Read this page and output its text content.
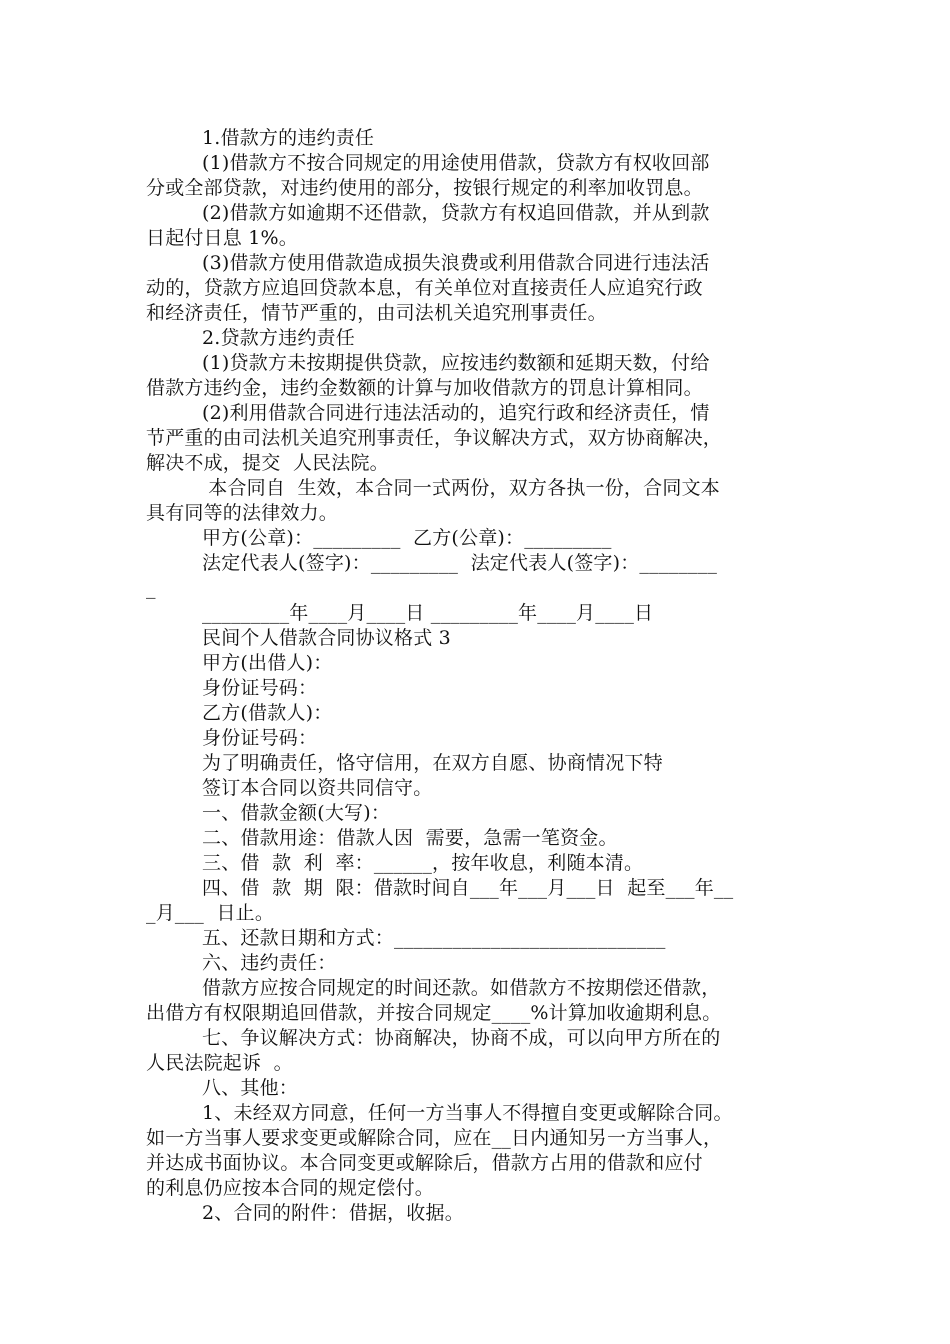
1.借款方的违约责任
(1)借款方不按合同规定的用途使用借款，贷款方有权收回部
分或全部贷款，对违约使用的部分，按银行规定的利率加收罚息。
(2)借款方如逾期不还借款，贷款方有权追回借款，并从到款
日起付日息 1%。
(3)借款方使用借款造成损失浪费或利用借款合同进行违法活
动的，贷款方应追回贷款本息，有关单位对直接责任人应追究行政
和经济责任，情节严重的，由司法机关追究刑事责任。
2.贷款方违约责任
(1)贷款方未按期提供贷款，应按违约数额和延期天数，付给
借款方违约金，违约金数额的计算与加收借款方的罚息计算相同。
(2)利用借款合同进行违法活动的，追究行政和经济责任，情
节严重的由司法机关追究刑事责任，争议解决方式，双方协商解决，
解决不成，提交  人民法院。
本合同自  生效，本合同一式两份，双方各执一份，合同文本
具有同等的法律效力。
甲方(公章)：_________  乙方(公章)：_________
法定代表人(签字)：_________  法定代表人(签字)：________
_
_________年____月____日 _________年____月____日
民间个人借款合同协议格式 3
甲方(出借人)：
身份证号码：
乙方(借款人)：
身份证号码：
为了明确责任，恪守信用，在双方自愿、协商情况下特
签订本合同以资共同信守。
一、借款金额(大写)：
二、借款用途：借款人因  需要，急需一笔资金。
三、借  款  利  率：______，按年收息，利随本清。
四、借  款  期  限：借款时间自___年___月___日  起至___年__
_月___  日止。
五、还款日期和方式：____________________________
六、违约责任：
借款方应按合同规定的时间还款。如借款方不按期偿还借款，
出借方有权限期追回借款，并按合同规定____%计算加收逾期利息。
七、争议解决方式：协商解决，协商不成，可以向甲方所在的
人民法院起诉  。
八、其他：
1、未经双方同意，任何一方当事人不得擅自变更或解除合同。
如一方当事人要求变更或解除合同，应在__日内通知另一方当事人，
并达成书面协议。本合同变更或解除后，借款方占用的借款和应付
的利息仍应按本合同的规定偿付。
2、合同的附件：借据，收据。
